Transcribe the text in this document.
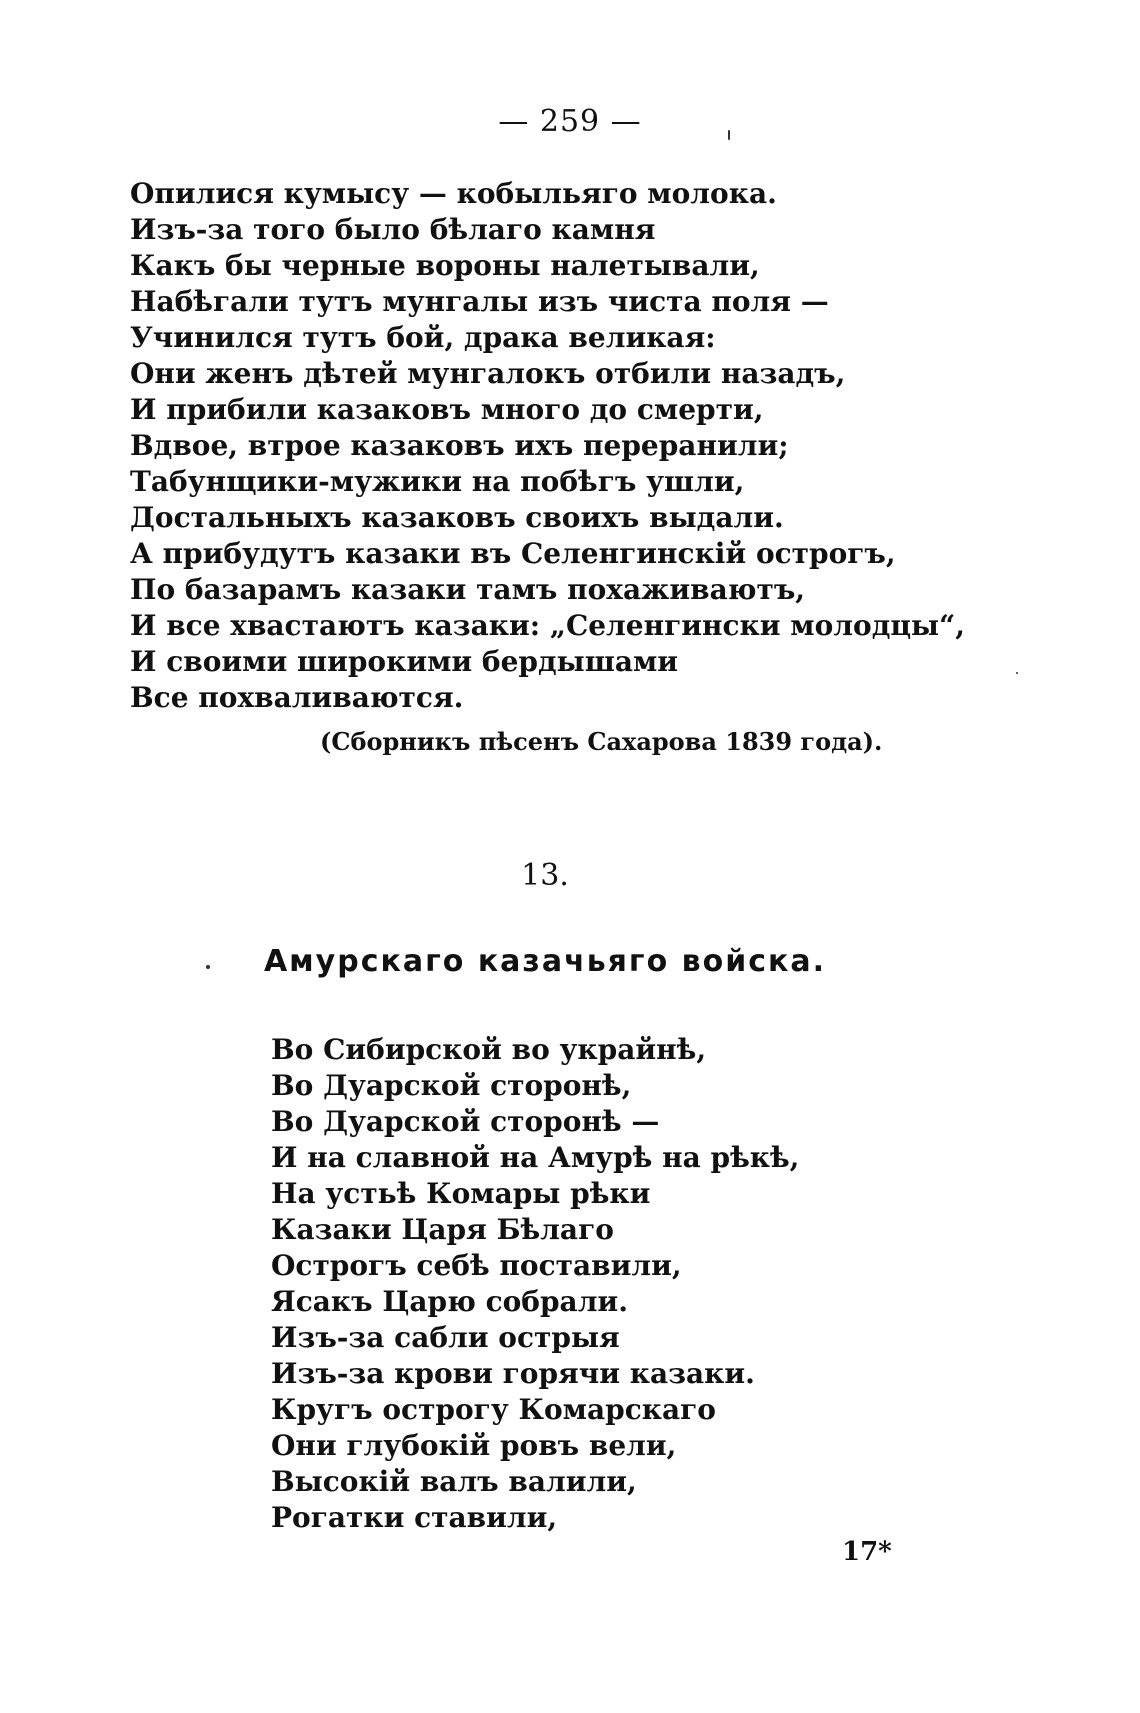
— 259 —
Опилися кумысу — кобыльяго молока.
Изъ-за того было бѣлаго камня
Какъ бы черные вороны налетывали,
Набѣгали тутъ мунгалы изъ чиста поля —
Учинился тутъ бой, драка великая:
Они женъ дѣтей мунгалокъ отбили назадъ,
И прибили казаковъ много до смерти,
Вдвое, втрое казаковъ ихъ переранили;
Табунщики-мужики на побѣгъ ушли,
Достальныхъ казаковъ своихъ выдали.
А прибудутъ казаки въ Селенгинскій острогъ,
По базарамъ казаки тамъ похаживаютъ,
И все хвастаютъ казаки: „Селенгински молодцы“,
И своими широкими бердышами
Все похваливаются.
(Сборникъ пѣсенъ Сахарова 1839 года).
13.
Амурскаго казачьяго войска.
Во Сибирской во украйнѣ,
Во Дуарской сторонѣ,
Во Дуарской сторонѣ —
И на славной на Амурѣ на рѣкѣ,
На устьѣ Комары рѣки
Казаки Царя Бѣлаго
Острогъ себѣ поставили,
Ясакъ Царю собрали.
Изъ-за сабли острыя
Изъ-за крови горячи казаки.
Кругъ острогу Комарскаго
Они глубокій ровъ вели,
Высокій валъ валили,
Рогатки ставили,
17*
